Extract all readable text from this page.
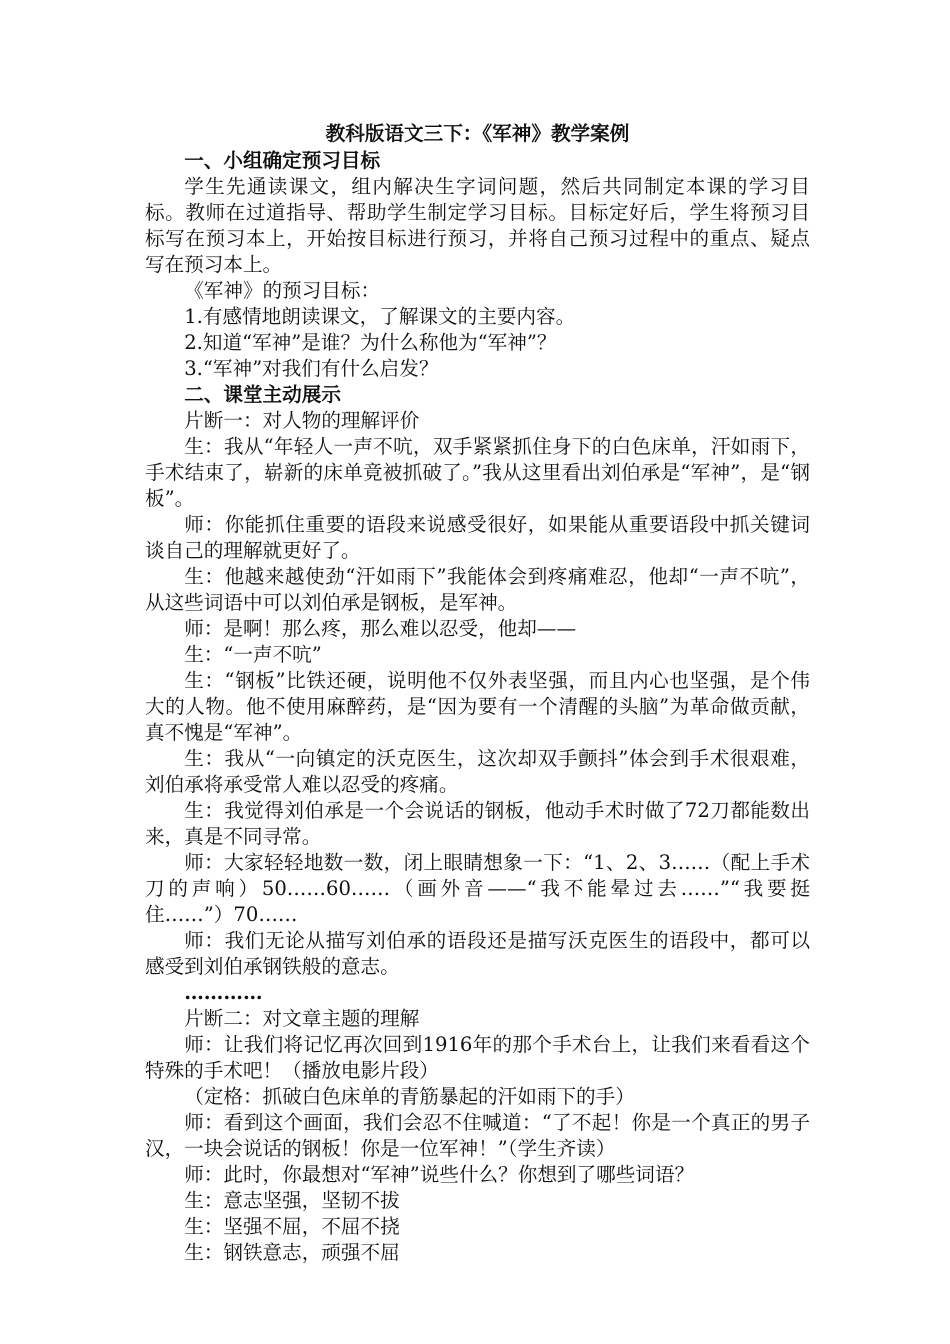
教科版语文三下：《军神》教学案例
一、小组确定预习目标

学生先通读课文，组内解决生字词问题，然后共同制定本课的学习目标。教师在过道指导、帮助学生制定学习目标。目标定好后，学生将预习目标写在预习本上，开始按目标进行预习，并将自己预习过程中的重点、疑点写在预习本上。

《军神》的预习目标：

1.有感情地朗读课文，了解课文的主要内容。

2.知道“军神”是谁？为什么称他为“军神”？

3.“军神”对我们有什么启发？

二、课堂主动展示

片断一：对人物的理解评价

生：我从“年轻人一声不吭，双手紧紧抓住身下的白色床单，汗如雨下，手术结束了，崭新的床单竟被抓破了。”我从这里看出刘伯承是“军神”，是“钢板”。

师：你能抓住重要的语段来说感受很好，如果能从重要语段中抓关键词谈自己的理解就更好了。

生：他越来越使劲“汗如雨下”我能体会到疼痛难忍，他却“一声不吭”，从这些词语中可以刘伯承是钢板，是军神。

师：是啊！那么疼，那么难以忍受，他却——

生：“一声不吭”

生：“钢板”比铁还硬，说明他不仅外表坚强，而且内心也坚强，是个伟大的人物。他不使用麻醉药，是“因为要有一个清醒的头脑”为革命做贡献，真不愧是“军神”。

生：我从“一向镇定的沃克医生，这次却双手颤抖”体会到手术很艰难，刘伯承将承受常人难以忍受的疼痛。

生：我觉得刘伯承是一个会说话的钢板，他动手术时做了72刀都能数出来，真是不同寻常。

师：大家轻轻地数一数，闭上眼睛想象一下：“1、2、3……（配上手术刀的声响）50……60……（画外音——“我不能晕过去……”“我要挺住……”）70……

师：我们无论从描写刘伯承的语段还是描写沃克医生的语段中，都可以感受到刘伯承钢铁般的意志。

…………

片断二：对文章主题的理解

师：让我们将记忆再次回到1916年的那个手术台上，让我们来看看这个特殊的手术吧！（播放电影片段）

（定格：抓破白色床单的青筋暴起的汗如雨下的手）

师：看到这个画面，我们会忍不住喊道：“了不起！你是一个真正的男子汉，一块会说话的钢板！你是一位军神！”（学生齐读）

师：此时，你最想对“军神”说些什么？你想到了哪些词语？

生：意志坚强，坚韧不拔

生：坚强不屈，不屈不挠

生：钢铁意志，顽强不屈
